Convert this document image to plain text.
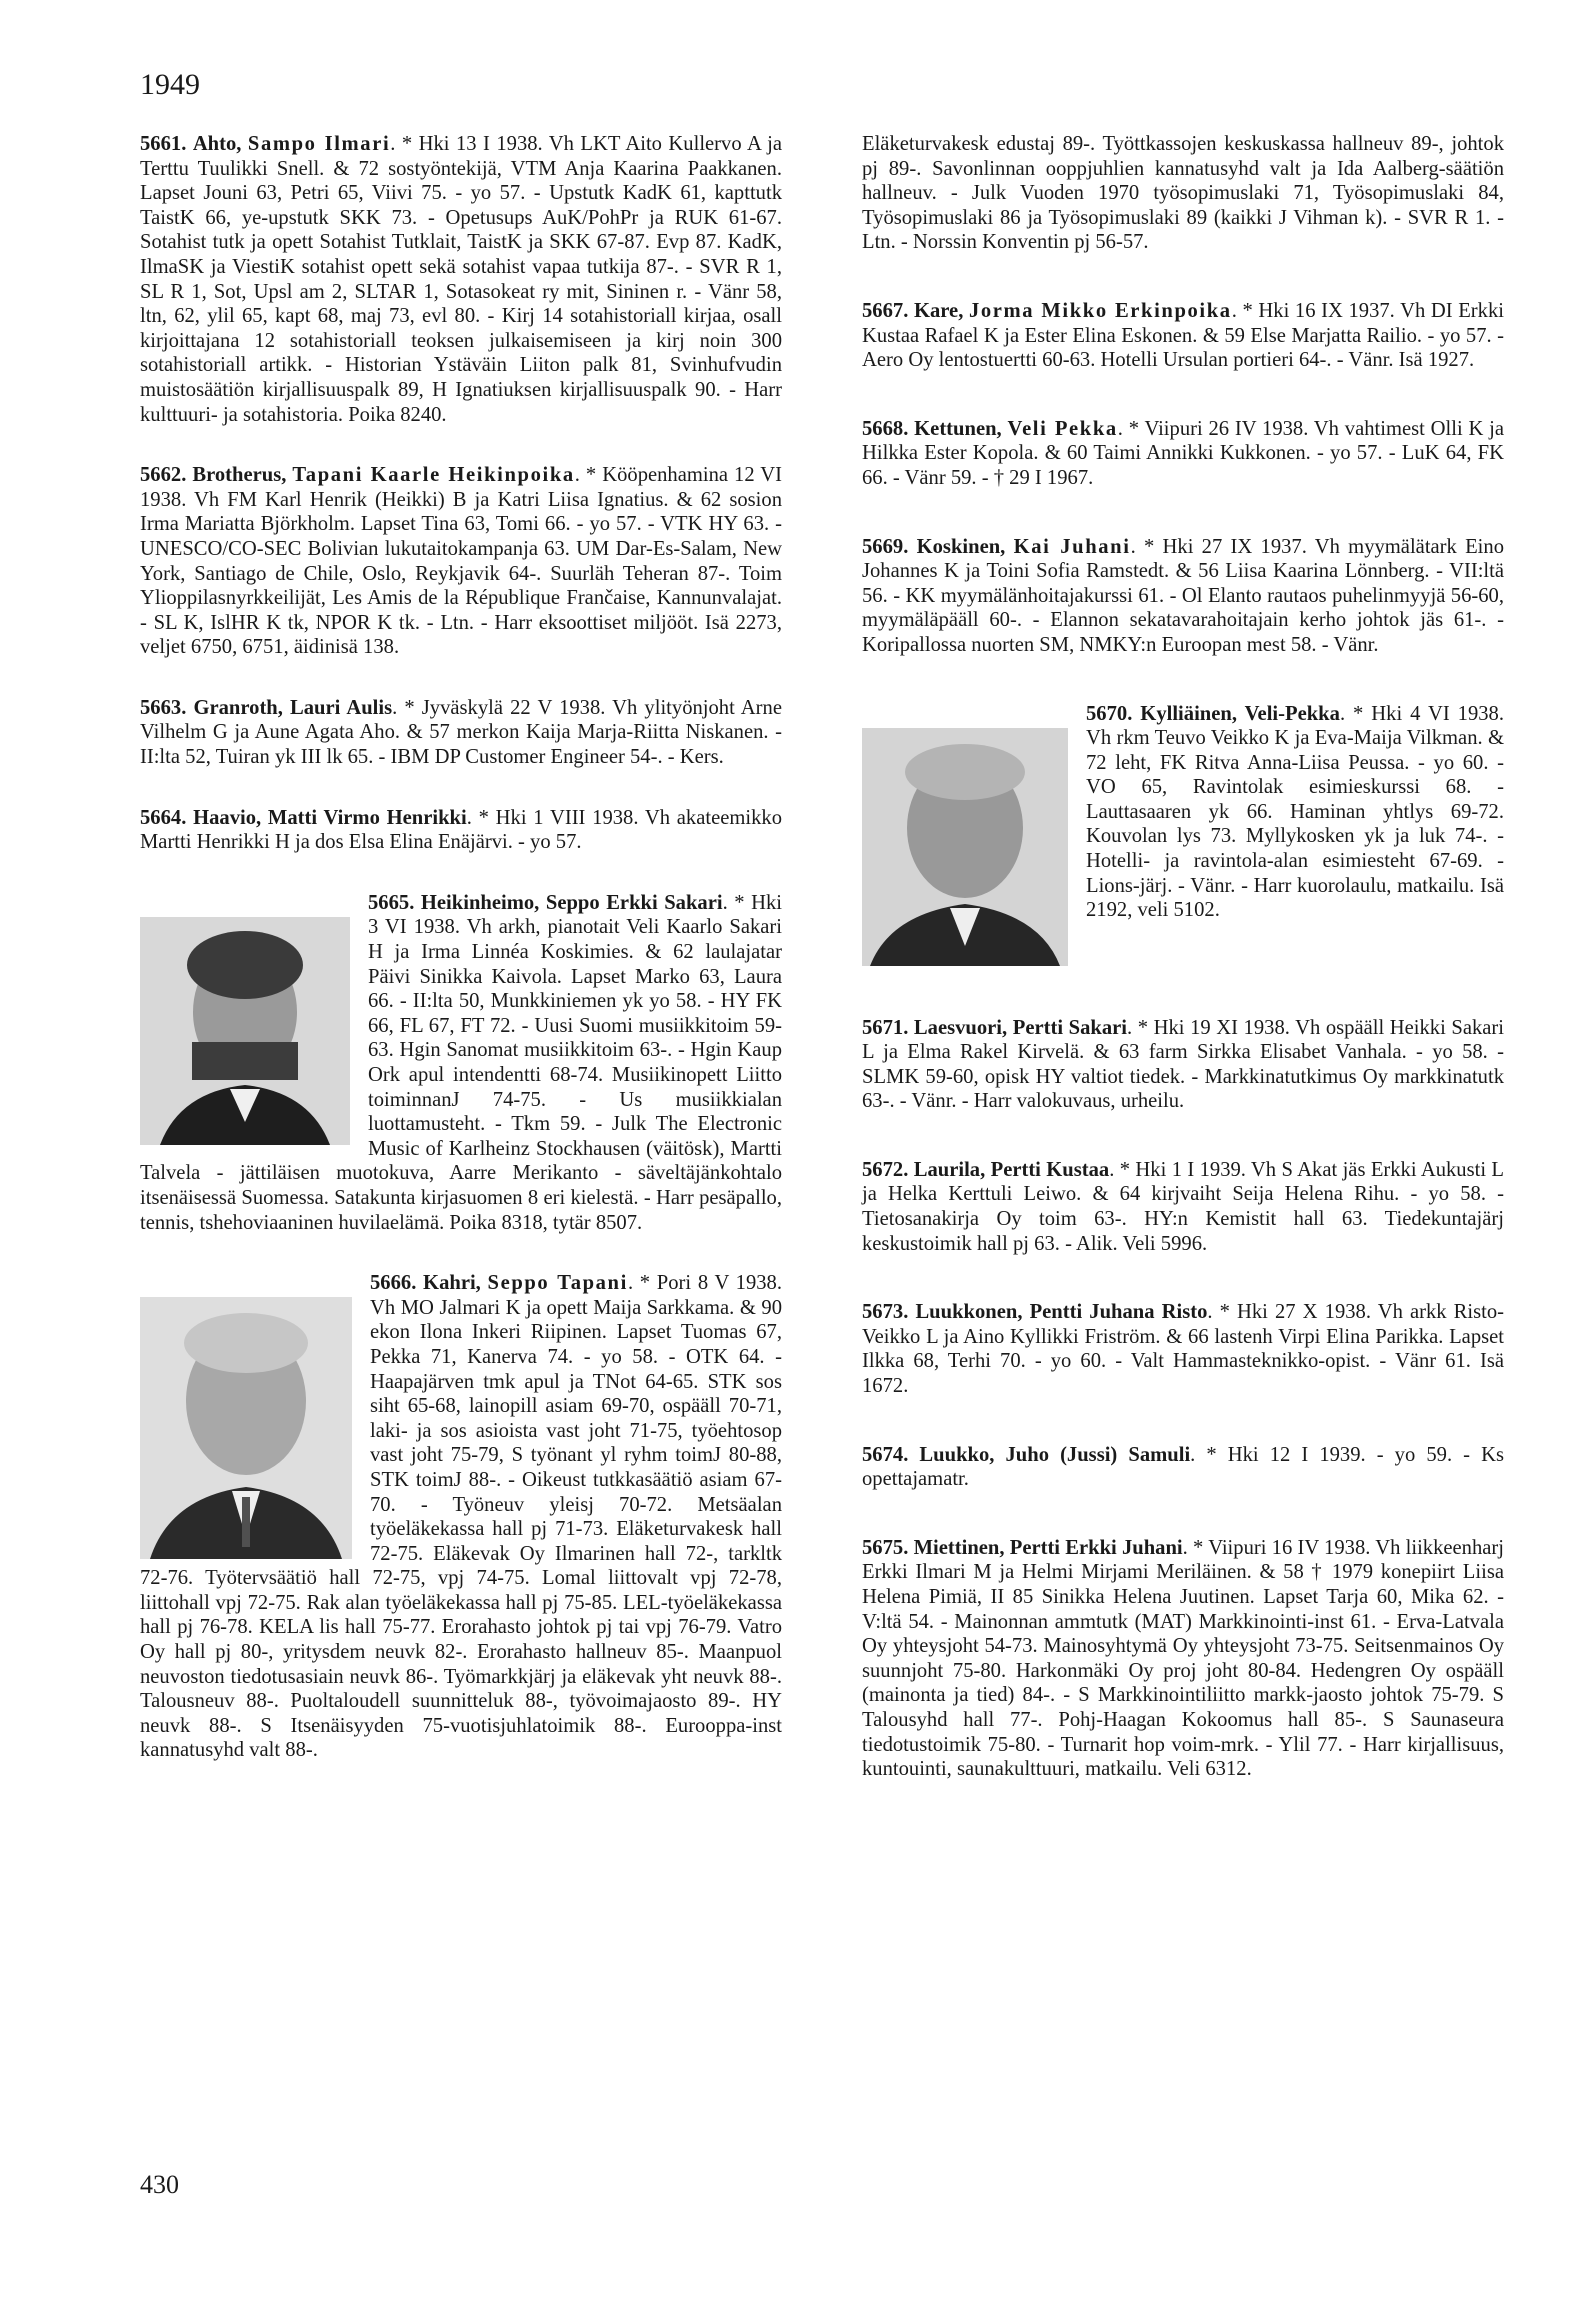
1949

5661. Ahto, Sampo Ilmari. * Hki 13 I 1938. Vh LKT Aito Kullervo A ja Terttu Tuulikki Snell. & 72 sostyöntekijä, VTM Anja Kaarina Paakkanen. Lapset Jouni 63, Petri 65, Viivi 75. - yo 57. - Upstutk KadK 61, kapttutk TaistK 66, ye-upstutk SKK 73. - Opetusups AuK/PohPr ja RUK 61-67. Sotahist tutk ja opett Sotahist Tutklait, TaistK ja SKK 67-87. Evp 87. KadK, IlmaSK ja ViestiK sotahist opett sekä sotahist vapaa tutkija 87-. - SVR R 1, SL R 1, Sot, Upsl am 2, SLTAR 1, Sotasokeat ry mit, Sininen r. - Vänr 58, ltn, 62, ylil 65, kapt 68, maj 73, evl 80. - Kirj 14 sotahistoriall kirjaa, osall kirjoittajana 12 sotahistoriall teoksen julkaisemiseen ja kirj noin 300 sotahistoriall artikk. - Historian Ystäväin Liiton palk 81, Svinhufvudin muistosäätiön kirjallisuuspalk 89, H Ignatiuksen kirjallisuuspalk 90. - Harr kulttuuri- ja sotahistoria. Poika 8240.

5662. Brotherus, Tapani Kaarle Heikinpoika. * Kööpenhamina 12 VI 1938. Vh FM Karl Henrik (Heikki) B ja Katri Liisa Ignatius. & 62 sosion Irma Mariatta Björkholm. Lapset Tina 63, Tomi 66. - yo 57. - VTK HY 63. - UNESCO/CO-SEC Bolivian lukutaitokampanja 63. UM Dar-Es-Salam, New York, Santiago de Chile, Oslo, Reykjavik 64-. Suurläh Teheran 87-. Toim Ylioppilasnyrkkeilijät, Les Amis de la République Frančaise, Kannunvalajat. - SL K, IslHR K tk, NPOR K tk. - Ltn. - Harr eksoottiset miljööt. Isä 2273, veljet 6750, 6751, äidinisä 138.

5663. Granroth, Lauri Aulis. * Jyväskylä 22 V 1938. Vh ylityönjoht Arne Vilhelm G ja Aune Agata Aho. & 57 merkon Kaija Marja-Riitta Niskanen. - II:lta 52, Tuiran yk III lk 65. - IBM DP Customer Engineer 54-. - Kers.

5664. Haavio, Matti Virmo Henrikki. * Hki 1 VIII 1938. Vh akateemikko Martti Henrikki H ja dos Elsa Elina Enäjärvi. - yo 57.

5665. Heikinheimo, Seppo Erkki Sakari. * Hki 3 VI 1938. Vh arkh, pianotait Veli Kaarlo Sakari H ja Irma Linnéa Koskimies. & 62 laulajatar Päivi Sinikka Kaivola. Lapset Marko 63, Laura 66. - II:lta 50, Munkkiniemen yk yo 58. - HY FK 66, FL 67, FT 72. - Uusi Suomi musiikkitoim 59-63. Hgin Sanomat musiikkitoim 63-. - Hgin Kaup Ork apul intendentti 68-74. Musiikinopett Liitto toiminnanJ 74-75. - Us musiikkialan luottamusteht. - Tkm 59. - Julk The Electronic Music of Karlheinz Stockhausen (väitösk), Martti Talvela - jättiläisen muotokuva, Aarre Merikanto - säveltäjänkohtalo itsenäisessä Suomessa. Satakunta kirjasuomen 8 eri kielestä. - Harr pesäpallo, tennis, tshehoviaaninen huvilaelämä. Poika 8318, tytär 8507.

5666. Kahri, Seppo Tapani. * Pori 8 V 1938. Vh MO Jalmari K ja opett Maija Sarkkama. & 90 ekon Ilona Inkeri Riipinen. Lapset Tuomas 67, Pekka 71, Kanerva 74. - yo 58. - OTK 64. - Haapajärven tmk apul ja TNot 64-65. STK sos siht 65-68, lainopill asiam 69-70, ospääll 70-71, laki- ja sos asioista vast joht 71-75, työehtosop vast joht 75-79, S työnant yl ryhm toimJ 80-88, STK toimJ 88-. - Oikeust tutkkasäätiö asiam 67-70. - Työneuv yleisj 70-72. Metsäalan työeläkekassa hall pj 71-73. Eläketurvakesk hall 72-75. Eläkevak Oy Ilmarinen hall 72-, tarkltk 72-76. Työtervsäätiö hall 72-75, vpj 74-75. Lomal liittovalt vpj 72-78, liittohall vpj 72-75. Rak alan työeläkekassa hall pj 75-85. LEL-työeläkekassa hall pj 76-78. KELA lis hall 75-77. Erorahasto johtok pj tai vpj 76-79. Vatro Oy hall pj 80-, yritysdem neuvk 82-. Erorahasto hallneuv 85-. Maanpuol neuvoston tiedotusasiain neuvk 86-. Työmarkkjärj ja eläkevak yht neuvk 88-. Talousneuv 88-. Puoltaloudell suunnitteluk 88-, työvoimajaosto 89-. HY neuvk 88-. S Itsenäisyyden 75-vuotisjuhlatoimik 88-. Eurooppa-inst kannatusyhd valt 88-.

Eläketurvakesk edustaj 89-. Työttkassojen keskuskassa hallneuv 89-, johtok pj 89-. Savonlinnan ooppjuhlien kannatusyhd valt ja Ida Aalberg-säätiön hallneuv. - Julk Vuoden 1970 työsopimuslaki 71, Työsopimuslaki 84, Työsopimuslaki 86 ja Työsopimuslaki 89 (kaikki J Vihman k). - SVR R 1. - Ltn. - Norssin Konventin pj 56-57.

5667. Kare, Jorma Mikko Erkinpoika. * Hki 16 IX 1937. Vh DI Erkki Kustaa Rafael K ja Ester Elina Eskonen. & 59 Else Marjatta Railio. - yo 57. - Aero Oy lentostuertti 60-63. Hotelli Ursulan portieri 64-. - Vänr. Isä 1927.

5668. Kettunen, Veli Pekka. * Viipuri 26 IV 1938. Vh vahtimest Olli K ja Hilkka Ester Kopola. & 60 Taimi Annikki Kukkonen. - yo 57. - LuK 64, FK 66. - Vänr 59. - † 29 I 1967.

5669. Koskinen, Kai Juhani. * Hki 27 IX 1937. Vh myymälätark Eino Johannes K ja Toini Sofia Ramstedt. & 56 Liisa Kaarina Lönnberg. - VII:ltä 56. - KK myymälänhoitajakurssi 61. - Ol Elanto rautaos puhelinmyyjä 56-60, myymäläpääll 60-. - Elannon sekatavarahoitajain kerho johtok jäs 61-. - Koripallossa nuorten SM, NMKY:n Euroopan mest 58. - Vänr.

5670. Kylliäinen, Veli-Pekka. * Hki 4 VI 1938. Vh rkm Teuvo Veikko K ja Eva-Maija Vilkman. & 72 leht, FK Ritva Anna-Liisa Peussa. - yo 60. - VO 65, Ravintolak esimieskurssi 68. - Lauttasaaren yk 66. Haminan yhtlys 69-72. Kouvolan lys 73. Myllykosken yk ja luk 74-. - Hotelli- ja ravintola-alan esimiesteht 67-69. - Lions-järj. - Vänr. - Harr kuorolaulu, matkailu. Isä 2192, veli 5102.

5671. Laesvuori, Pertti Sakari. * Hki 19 XI 1938. Vh ospääll Heikki Sakari L ja Elma Rakel Kirvelä. & 63 farm Sirkka Elisabet Vanhala. - yo 58. - SLMK 59-60, opisk HY valtiot tiedek. - Markkinatutkimus Oy markkinatutk 63-. - Vänr. - Harr valokuvaus, urheilu.

5672. Laurila, Pertti Kustaa. * Hki 1 I 1939. Vh S Akat jäs Erkki Aukusti L ja Helka Kerttuli Leiwo. & 64 kirjvaiht Seija Helena Rihu. - yo 58. - Tietosanakirja Oy toim 63-. HY:n Kemistit hall 63. Tiedekuntajärj keskustoimik hall pj 63. - Alik. Veli 5996.

5673. Luukkonen, Pentti Juhana Risto. * Hki 27 X 1938. Vh arkk Risto-Veikko L ja Aino Kyllikki Friström. & 66 lastenh Virpi Elina Parikka. Lapset Ilkka 68, Terhi 70. - yo 60. - Valt Hammasteknikko-opist. - Vänr 61. Isä 1672.

5674. Luukko, Juho (Jussi) Samuli. * Hki 12 I 1939. - yo 59. - Ks opettajamatr.

5675. Miettinen, Pertti Erkki Juhani. * Viipuri 16 IV 1938. Vh liikkeenharj Erkki Ilmari M ja Helmi Mirjami Meriläinen. & 58 † 1979 konepiirt Liisa Helena Pimiä, II 85 Sinikka Helena Juutinen. Lapset Tarja 60, Mika 62. - V:ltä 54. - Mainonnan ammtutk (MAT) Markkinointi-inst 61. - Erva-Latvala Oy yhteysjoht 54-73. Mainosyhtymä Oy yhteysjoht 73-75. Seitsenmainos Oy suunnjoht 75-80. Harkonmäki Oy proj joht 80-84. Hedengren Oy ospääll (mainonta ja tied) 84-. - S Markkinointiliitto markk-jaosto johtok 75-79. S Talousyhd hall 77-. Pohj-Haagan Kokoomus hall 85-. S Saunaseura tiedotustoimik 75-80. - Turnarit hop voim-mrk. - Ylil 77. - Harr kirjallisuus, kuntouinti, saunakulttuuri, matkailu. Veli 6312.

430
